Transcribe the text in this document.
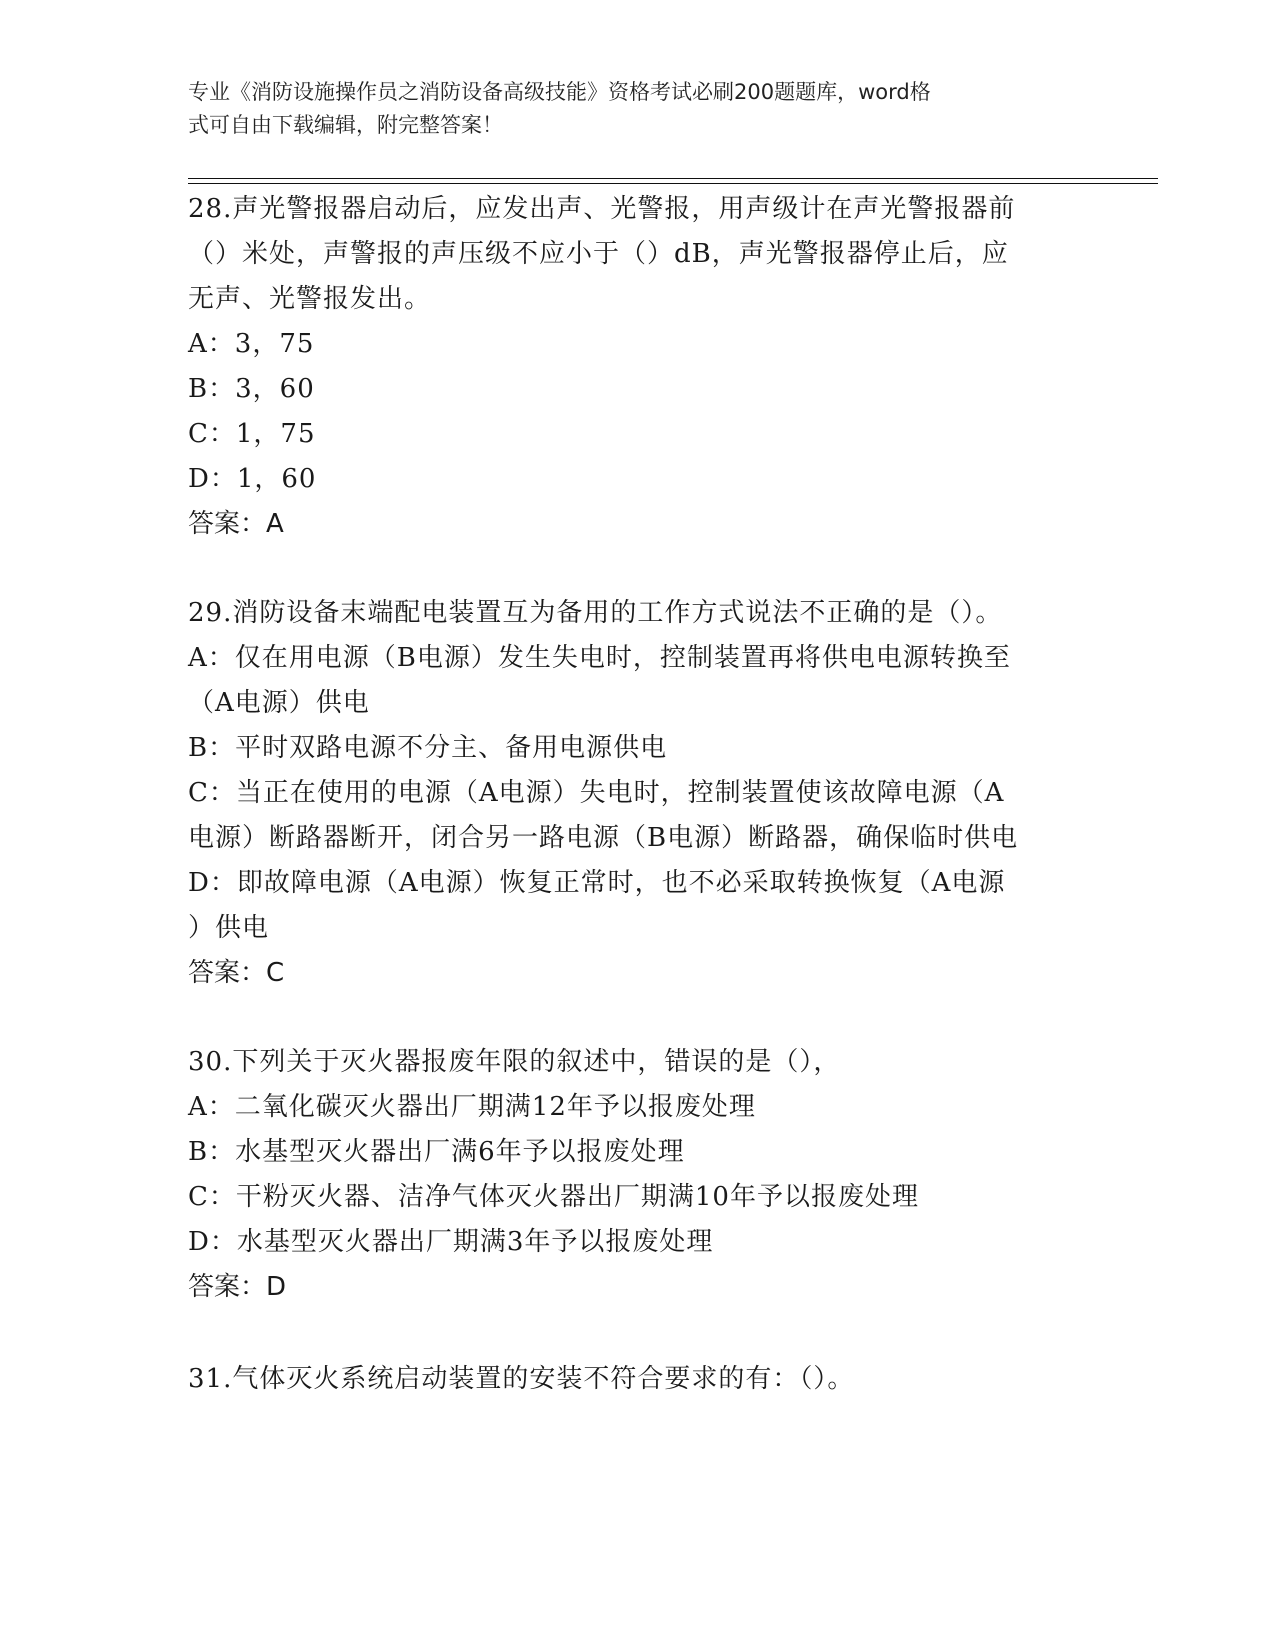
专业《消防设施操作员之消防设备高级技能》资格考试必刷200题题库，word格
式可自由下载编辑，附完整答案！
28.声光警报器启动后，应发出声、光警报，用声级计在声光警报器前
（）米处，声警报的声压级不应小于（）dB，声光警报器停止后，应
无声、光警报发出。
A：3，75
B：3，60
C：1，75
D：1，60
答案：A
29.消防设备末端配电装置互为备用的工作方式说法不正确的是（）。
A：仅在用电源（B电源）发生失电时，控制装置再将供电电源转换至
（A电源）供电
B：平时双路电源不分主、备用电源供电
C：当正在使用的电源（A电源）失电时，控制装置使该故障电源（A
电源）断路器断开，闭合另一路电源（B电源）断路器，确保临时供电
D：即故障电源（A电源）恢复正常时，也不必采取转换恢复（A电源
）供电
答案：C
30.下列关于灭火器报废年限的叙述中，错误的是（），
A：二氧化碳灭火器出厂期满12年予以报废处理
B：水基型灭火器出厂满6年予以报废处理
C：干粉灭火器、洁净气体灭火器出厂期满10年予以报废处理
D：水基型灭火器出厂期满3年予以报废处理
答案：D
31.气体灭火系统启动装置的安装不符合要求的有：（）。
